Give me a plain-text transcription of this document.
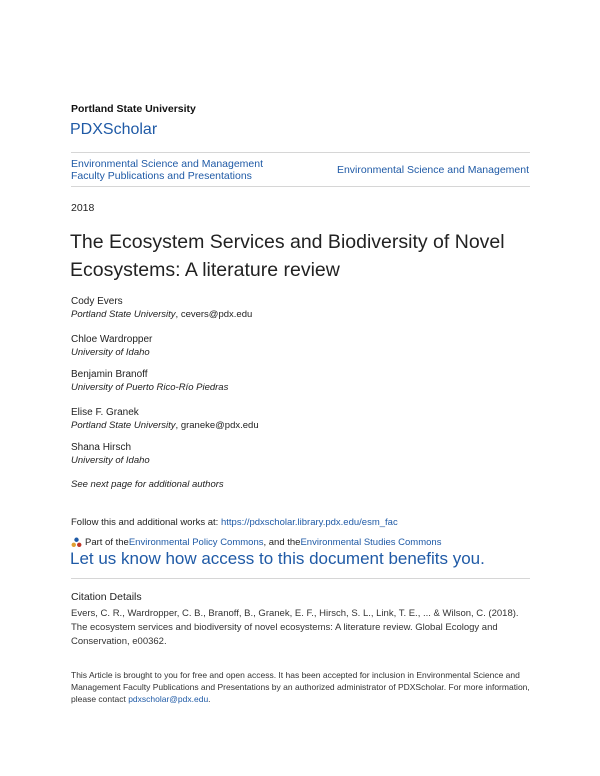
Portland State University
PDXScholar
Environmental Science and Management
Faculty Publications and Presentations	Environmental Science and Management
2018
The Ecosystem Services and Biodiversity of Novel
Ecosystems: A literature review
Cody Evers
Portland State University, cevers@pdx.edu
Chloe Wardropper
University of Idaho
Benjamin Branoff
University of Puerto Rico-Río Piedras
Elise F. Granek
Portland State University, graneke@pdx.edu
Shana Hirsch
University of Idaho
See next page for additional authors
Follow this and additional works at: https://pdxscholar.library.pdx.edu/esm_fac
Part of the Environmental Policy Commons , and the Environmental Studies Commons
Let us know how access to this document benefits you.
Citation Details
Evers, C. R., Wardropper, C. B., Branoff, B., Granek, E. F., Hirsch, S. L., Link, T. E., ... & Wilson, C. (2018). The ecosystem services and biodiversity of novel ecosystems: A literature review. Global Ecology and Conservation, e00362.
This Article is brought to you for free and open access. It has been accepted for inclusion in Environmental Science and Management Faculty Publications and Presentations by an authorized administrator of PDXScholar. For more information, please contact pdxscholar@pdx.edu.
